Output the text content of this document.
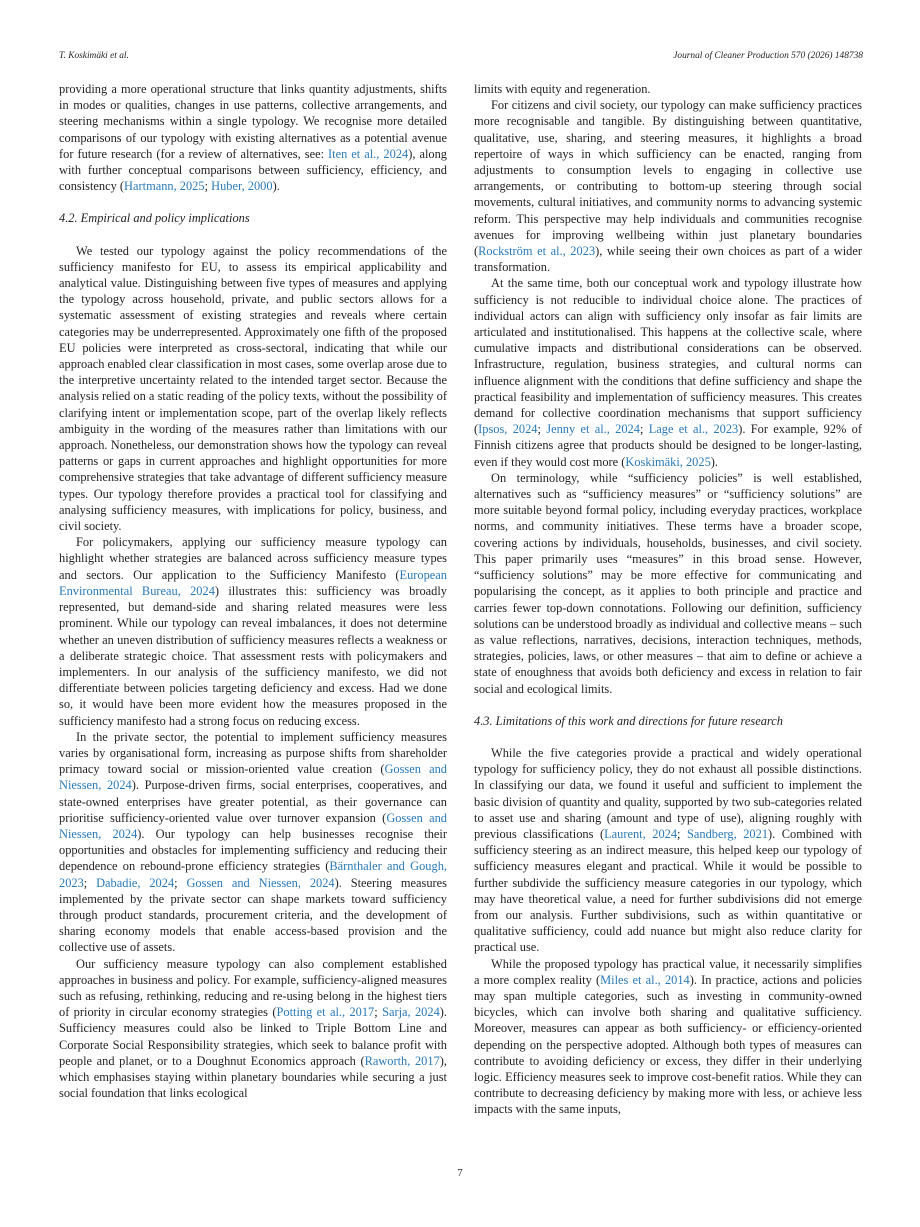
T. Koskimäki et al.	Journal of Cleaner Production 570 (2026) 148738

providing a more operational structure that links quantity adjustments, shifts in modes or qualities, changes in use patterns, collective arrangements, and steering mechanisms within a single typology. We recognise more detailed comparisons of our typology with existing alternatives as a potential avenue for future research (for a review of alternatives, see: Iten et al., 2024), along with further conceptual comparisons between sufficiency, efficiency, and consistency (Hartmann, 2025; Huber, 2000).

4.2. Empirical and policy implications

We tested our typology against the policy recommendations of the sufficiency manifesto for EU, to assess its empirical applicability and analytical value. Distinguishing between five types of measures and applying the typology across household, private, and public sectors allows for a systematic assessment of existing strategies and reveals where certain categories may be underrepresented. Approximately one fifth of the proposed EU policies were interpreted as cross-sectoral, indicating that while our approach enabled clear classification in most cases, some overlap arose due to the interpretive uncertainty related to the intended target sector. Because the analysis relied on a static reading of the policy texts, without the possibility of clarifying intent or implementation scope, part of the overlap likely reflects ambiguity in the wording of the measures rather than limitations with our approach. Nonetheless, our demonstration shows how the typology can reveal patterns or gaps in current approaches and highlight opportunities for more comprehensive strategies that take advantage of different sufficiency measure types. Our typology therefore provides a practical tool for classifying and analysing sufficiency measures, with implications for policy, business, and civil society.

For policymakers, applying our sufficiency measure typology can highlight whether strategies are balanced across sufficiency measure types and sectors. Our application to the Sufficiency Manifesto (European Environmental Bureau, 2024) illustrates this: sufficiency was broadly represented, but demand-side and sharing related measures were less prominent. While our typology can reveal imbalances, it does not determine whether an uneven distribution of sufficiency measures reflects a weakness or a deliberate strategic choice. That assessment rests with policymakers and implementers. In our analysis of the sufficiency manifesto, we did not differentiate between policies targeting deficiency and excess. Had we done so, it would have been more evident how the measures proposed in the sufficiency manifesto had a strong focus on reducing excess.

In the private sector, the potential to implement sufficiency measures varies by organisational form, increasing as purpose shifts from shareholder primacy toward social or mission-oriented value creation (Gossen and Niessen, 2024). Purpose-driven firms, social enterprises, cooperatives, and state-owned enterprises have greater potential, as their governance can prioritise sufficiency-oriented value over turnover expansion (Gossen and Niessen, 2024). Our typology can help businesses recognise their opportunities and obstacles for implementing sufficiency and reducing their dependence on rebound-prone efficiency strategies (Bärnthaler and Gough, 2023; Dabadie, 2024; Gossen and Niessen, 2024). Steering measures implemented by the private sector can shape markets toward sufficiency through product standards, procurement criteria, and the development of sharing economy models that enable access-based provision and the collective use of assets.

Our sufficiency measure typology can also complement established approaches in business and policy. For example, sufficiency-aligned measures such as refusing, rethinking, reducing and re-using belong in the highest tiers of priority in circular economy strategies (Potting et al., 2017; Sarja, 2024). Sufficiency measures could also be linked to Triple Bottom Line and Corporate Social Responsibility strategies, which seek to balance profit with people and planet, or to a Doughnut Economics approach (Raworth, 2017), which emphasises staying within planetary boundaries while securing a just social foundation that links ecological

limits with equity and regeneration.

For citizens and civil society, our typology can make sufficiency practices more recognisable and tangible. By distinguishing between quantitative, qualitative, use, sharing, and steering measures, it highlights a broad repertoire of ways in which sufficiency can be enacted, ranging from adjustments to consumption levels to engaging in collective use arrangements, or contributing to bottom-up steering through social movements, cultural initiatives, and community norms to advancing systemic reform. This perspective may help individuals and communities recognise avenues for improving wellbeing within just planetary boundaries (Rockström et al., 2023), while seeing their own choices as part of a wider transformation.

At the same time, both our conceptual work and typology illustrate how sufficiency is not reducible to individual choice alone. The practices of individual actors can align with sufficiency only insofar as fair limits are articulated and institutionalised. This happens at the collective scale, where cumulative impacts and distributional considerations can be observed. Infrastructure, regulation, business strategies, and cultural norms can influence alignment with the conditions that define sufficiency and shape the practical feasibility and implementation of sufficiency measures. This creates demand for collective coordination mechanisms that support sufficiency (Ipsos, 2024; Jenny et al., 2024; Lage et al., 2023). For example, 92% of Finnish citizens agree that products should be designed to be longer-lasting, even if they would cost more (Koskimäki, 2025).

On terminology, while “sufficiency policies” is well established, alternatives such as “sufficiency measures” or “sufficiency solutions” are more suitable beyond formal policy, including everyday practices, workplace norms, and community initiatives. These terms have a broader scope, covering actions by individuals, households, businesses, and civil society. This paper primarily uses “measures” in this broad sense. However, “sufficiency solutions” may be more effective for communicating and popularising the concept, as it applies to both principle and practice and carries fewer top-down connotations. Following our definition, sufficiency solutions can be understood broadly as individual and collective means – such as value reflections, narratives, decisions, interaction techniques, methods, strategies, policies, laws, or other measures – that aim to define or achieve a state of enoughness that avoids both deficiency and excess in relation to fair social and ecological limits.

4.3. Limitations of this work and directions for future research

While the five categories provide a practical and widely operational typology for sufficiency policy, they do not exhaust all possible distinctions. In classifying our data, we found it useful and sufficient to implement the basic division of quantity and quality, supported by two sub-categories related to asset use and sharing (amount and type of use), aligning roughly with previous classifications (Laurent, 2024; Sandberg, 2021). Combined with sufficiency steering as an indirect measure, this helped keep our typology of sufficiency measures elegant and practical. While it would be possible to further subdivide the sufficiency measure categories in our typology, which may have theoretical value, a need for further subdivisions did not emerge from our analysis. Further subdivisions, such as within quantitative or qualitative sufficiency, could add nuance but might also reduce clarity for practical use.

While the proposed typology has practical value, it necessarily simplifies a more complex reality (Miles et al., 2014). In practice, actions and policies may span multiple categories, such as investing in community-owned bicycles, which can involve both sharing and qualitative sufficiency. Moreover, measures can appear as both sufficiency- or efficiency-oriented depending on the perspective adopted. Although both types of measures can contribute to avoiding deficiency or excess, they differ in their underlying logic. Efficiency measures seek to improve cost-benefit ratios. While they can contribute to decreasing deficiency by making more with less, or achieve less impacts with the same inputs,

7
